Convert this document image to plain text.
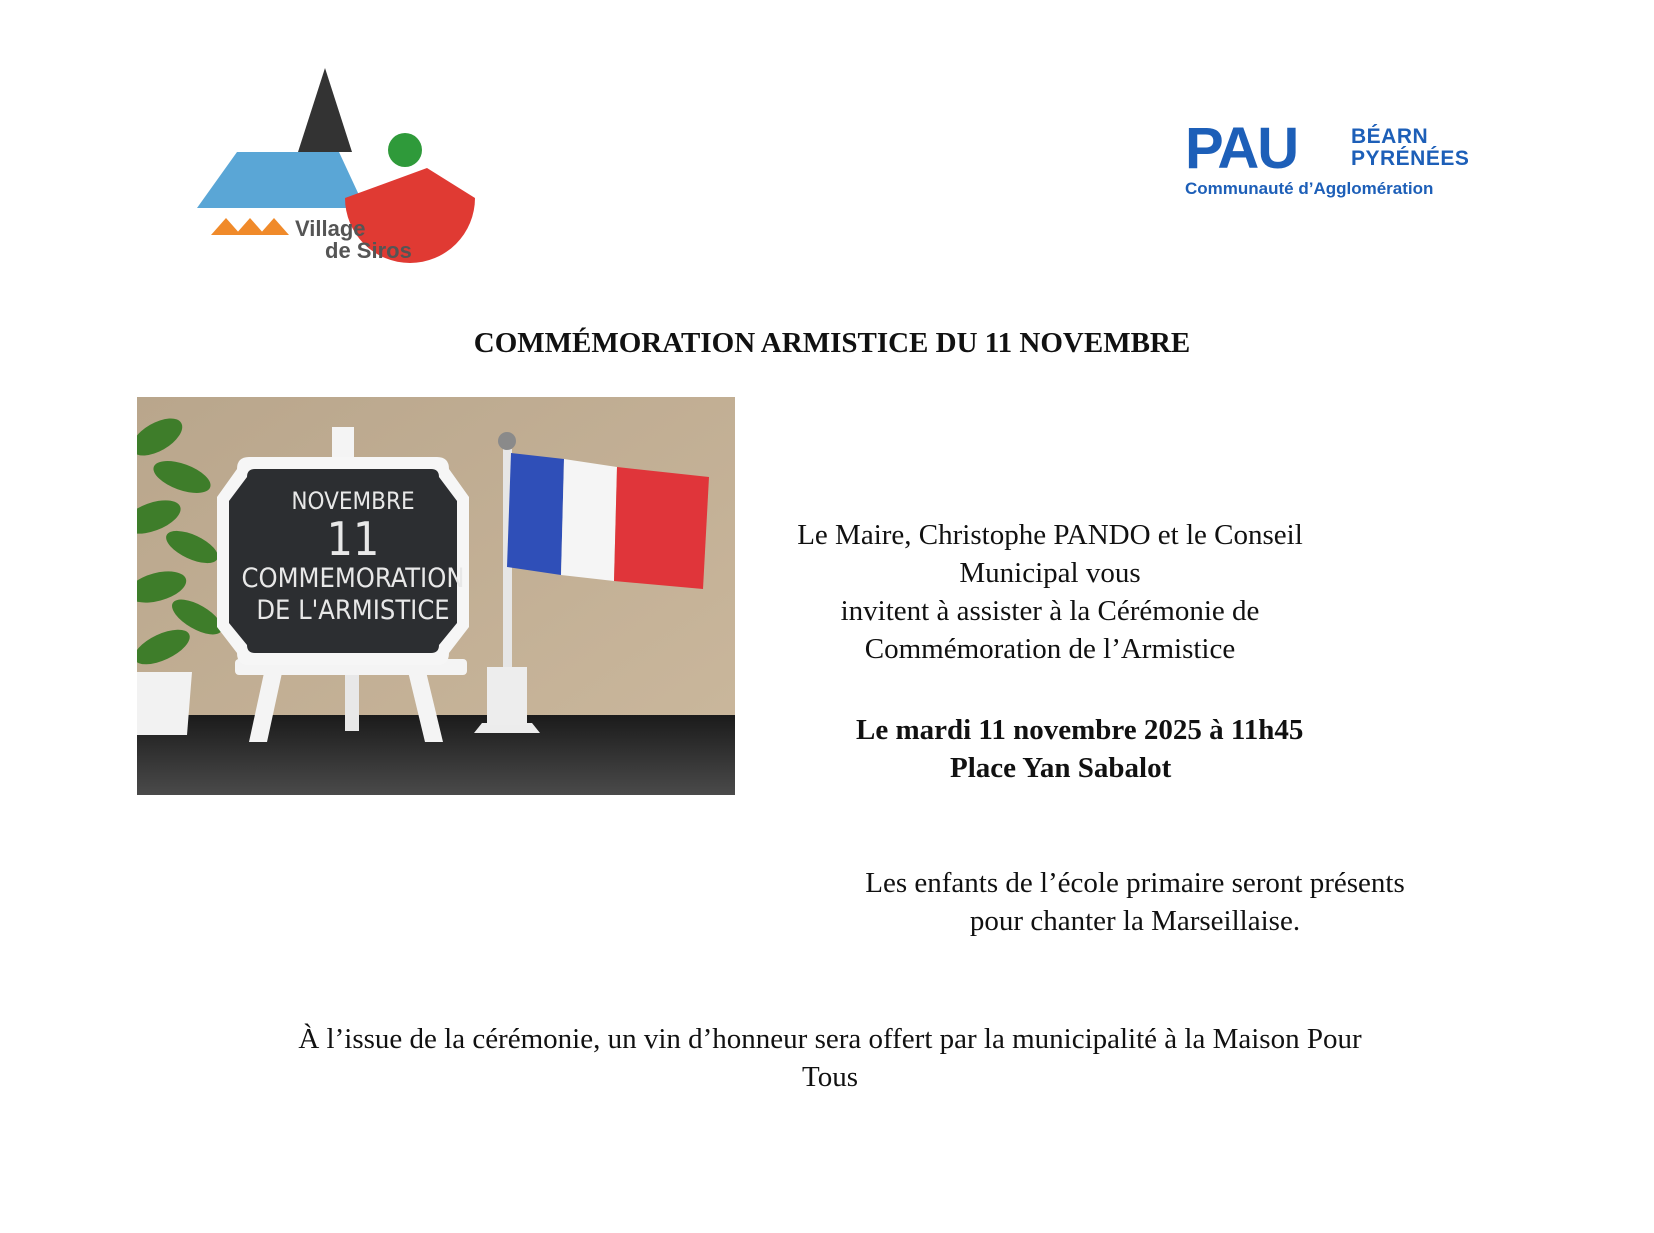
Village
de Siros
PAU	BÉARN
PYRÉNÉES
Communauté d’Agglomération
COMMÉMORATION ARMISTICE DU 11 NOVEMBRE
NOVEMBRE
11
COMMEMORATION
DE L'ARMISTICE
Le Maire, Christophe PANDO et le Conseil
Municipal vous
invitent à assister à la Cérémonie de
Commémoration de l’Armistice
Le mardi 11 novembre 2025 à 11h45
Place Yan Sabalot
Les enfants de l’école primaire seront présents
pour chanter la Marseillaise.
À l’issue de la cérémonie, un vin d’honneur sera offert par la municipalité à la Maison Pour
Tous
